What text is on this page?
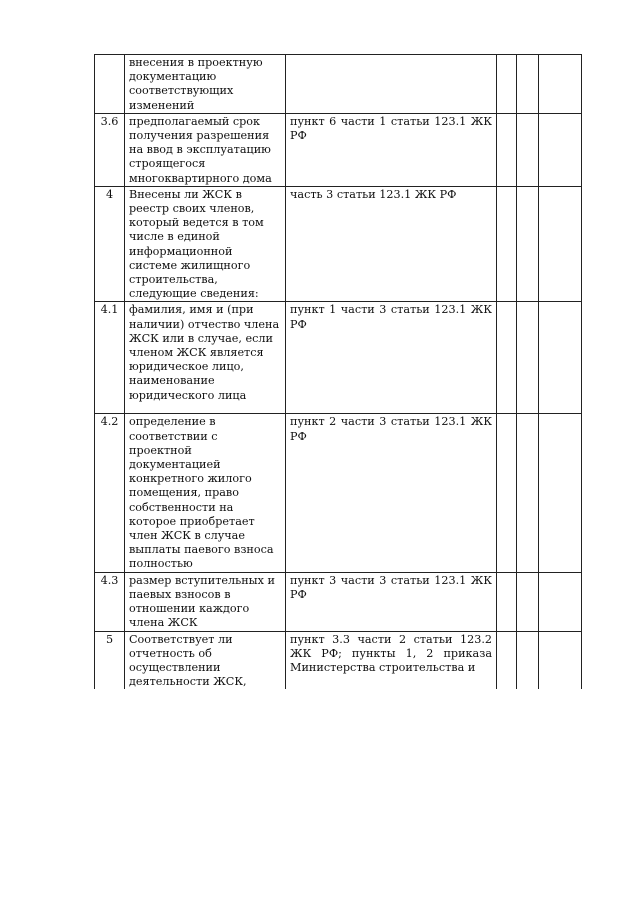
	внесения в проектную документацию соответствующих изменений				
3.6	предполагаемый срок получения разрешения на ввод в эксплуатацию строящегося многоквартирного дома	пункт 6 части 1 статьи 123.1 ЖК РФ			
4	Внесены ли ЖСК в реестр своих членов, который ведется в том числе в единой информационной системе жилищного строительства, следующие сведения:	часть 3 статьи 123.1 ЖК РФ			
4.1	фамилия, имя и (при наличии) отчество члена ЖСК или в случае, если членом ЖСК является юридическое лицо, наименование юридического лица	пункт 1 части 3 статьи 123.1 ЖК РФ			
4.2	определение в соответствии с проектной документацией конкретного жилого помещения, право собственности на которое приобретает член ЖСК в случае выплаты паевого взноса полностью	пункт 2 части 3 статьи 123.1 ЖК РФ			
4.3	размер вступительных и паевых взносов в отношении каждого члена ЖСК	пункт 3 части 3 статьи 123.1 ЖК РФ			
5	Соответствует ли отчетность об осуществлении деятельности ЖСК,	пункт 3.3 части 2 статьи 123.2 ЖК РФ; пункты 1, 2 приказа Министерства строительства и			
